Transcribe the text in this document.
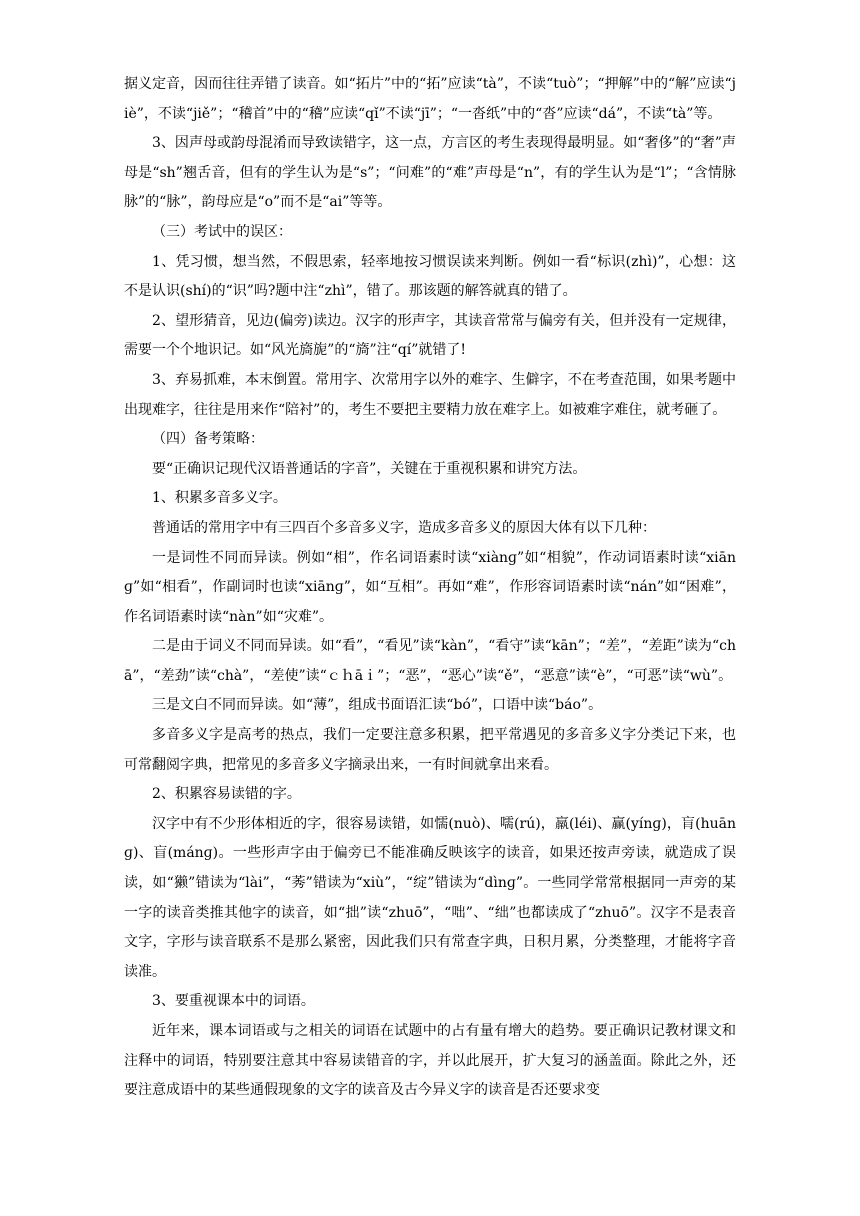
据义定音，因而往往弄错了读音。如“拓片”中的“拓”应读“tà”，不读“tuò”；“押解”中的“解”应读“jiè”，不读“jiě”；“稽首”中的“稽”应读“qǐ”不读“jī”；“一沓纸”中的“沓”应读“dá”，不读“tà”等。

3、因声母或韵母混淆而导致读错字，这一点，方言区的考生表现得最明显。如“奢侈”的“奢”声母是“sh”翘舌音，但有的学生认为是“s”；“问难”的“难”声母是“n”，有的学生认为是“l”；“含情脉脉”的“脉”，韵母应是“o”而不是“ai”等等。

（三）考试中的误区：

1、凭习惯，想当然，不假思索，轻率地按习惯误读来判断。例如一看“标识(zhì)”，心想：这不是认识(shí)的“识”吗?题中注“zhì”，错了。那该题的解答就真的错了。

2、望形猜音，见边(偏旁)读边。汉字的形声字，其读音常常与偏旁有关，但并没有一定规律，需要一个个地识记。如“风光旖旎”的“旖”注“qí”就错了!

3、弃易抓难，本末倒置。常用字、次常用字以外的难字、生僻字，不在考查范围，如果考题中出现难字，往往是用来作“陪衬”的，考生不要把主要精力放在难字上。如被难字难住，就考砸了。

（四）备考策略：

要“正确识记现代汉语普通话的字音”，关键在于重视积累和讲究方法。

1、积累多音多义字。

普通话的常用字中有三四百个多音多义字，造成多音多义的原因大体有以下几种：

一是词性不同而异读。例如“相”，作名词语素时读“xiànɡ”如“相貌”，作动词语素时读“xiānɡ”如“相看”，作副词时也读“xiānɡ”，如“互相”。再如“难”，作形容词语素时读“nán”如“困难”，作名词语素时读“nàn”如“灾难”。

二是由于词义不同而异读。如“看”，“看见”读“kàn”，“看守”读“kān”；“差”，“差距”读为“chā”，“差劲”读“chà”，“差使”读“ｃｈāｉ”；“恶”，“恶心”读“ě”，“恶意”读“è”，“可恶”读“wù”。

三是文白不同而异读。如“薄”，组成书面语汇读“bó”，口语中读“báo”。

多音多义字是高考的热点，我们一定要注意多积累，把平常遇见的多音多义字分类记下来，也可常翻阅字典，把常见的多音多义字摘录出来，一有时间就拿出来看。

2、积累容易读错的字。

汉字中有不少形体相近的字，很容易读错，如懦(nuò)、嚅(rú)，羸(léi)、赢(yínɡ)，肓(huānɡ)、盲(mánɡ)。一些形声字由于偏旁已不能准确反映该字的读音，如果还按声旁读，就造成了误读，如“獭”错读为“lài”，“莠”错读为“xiù”，“绽”错读为“dìnɡ”。一些同学常常根据同一声旁的某一字的读音类推其他字的读音，如“拙”读“zhuō”，“咄”、“绌”也都读成了“zhuō”。汉字不是表音文字，字形与读音联系不是那么紧密，因此我们只有常查字典，日积月累，分类整理，才能将字音读准。

3、要重视课本中的词语。

近年来，课本词语或与之相关的词语在试题中的占有量有增大的趋势。要正确识记教材课文和注释中的词语，特别要注意其中容易读错音的字，并以此展开，扩大复习的涵盖面。除此之外，还要注意成语中的某些通假现象的文字的读音及古今异义字的读音是否还要求变
